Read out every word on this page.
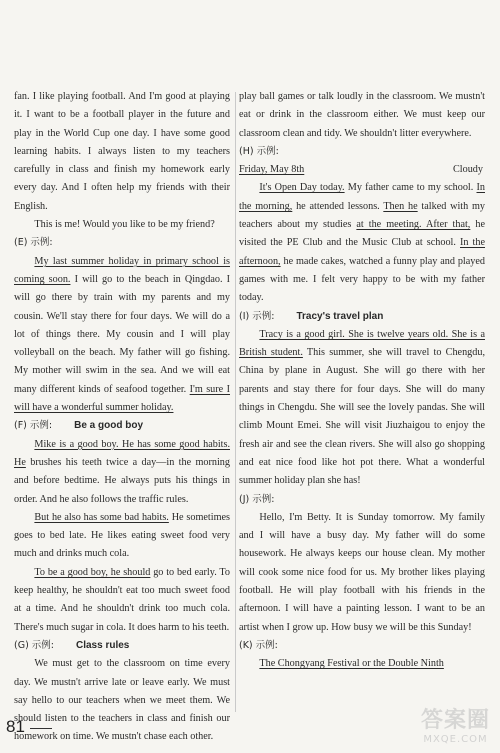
fan. I like playing football. And I'm good at playing it. I want to be a football player in the future and play in the World Cup one day. I have some good learning habits. I always listen to my teachers carefully in class and finish my homework early every day. And I often help my friends with their English.

This is me! Would you like to be my friend?

(E) 示例:

My last summer holiday in primary school is coming soon. I will go to the beach in Qingdao. I will go there by train with my parents and my cousin. We'll stay there for four days. We will do a lot of things there. My cousin and I will play volleyball on the beach. My father will go fishing. My mother will swim in the sea. And we will eat many different kinds of seafood together. I'm sure I will have a wonderful summer holiday.

(F) 示例: Be a good boy

Mike is a good boy. He has some good habits. He brushes his teeth twice a day—in the morning and before bedtime. He always puts his things in order. And he also follows the traffic rules.

But he also has some bad habits. He sometimes goes to bed late. He likes eating sweet food very much and drinks much cola.

To be a good boy, he should go to bed early. To keep healthy, he shouldn't eat too much sweet food at a time. And he shouldn't drink too much cola. There's much sugar in cola. It does harm to his teeth.

(G) 示例: Class rules

We must get to the classroom on time every day. We mustn't arrive late or leave early. We must say hello to our teachers when we meet them. We should listen to the teachers in class and finish our homework on time. We mustn't chase each other.

play ball games or talk loudly in the classroom. We mustn't eat or drink in the classroom either. We must keep our classroom clean and tidy. We shouldn't litter everywhere.

(H) 示例:
Friday, May 8th	Cloudy

It's Open Day today. My father came to my school. In the morning, he attended lessons. Then he talked with my teachers about my studies at the meeting. After that, he visited the PE Club and the Music Club at school. In the afternoon, he made cakes, watched a funny play and played games with me. I felt very happy to be with my father today.

(I) 示例: Tracy's travel plan

Tracy is a good girl. She is twelve years old. She is a British student. This summer, she will travel to Chengdu, China by plane in August. She will go there with her parents and stay there for four days. She will do many things in Chengdu. She will see the lovely pandas. She will climb Mount Emei. She will visit Jiuzhaigou to enjoy the fresh air and see the clean rivers. She will also go shopping and eat nice food like hot pot there. What a wonderful summer holiday plan she has!

(J) 示例:

Hello, I'm Betty. It is Sunday tomorrow. My family and I will have a busy day. My father will do some housework. He always keeps our house clean. My mother will cook some nice food for us. My brother likes playing football. He will play football with his friends in the afternoon. I will have a painting lesson. I want to be an artist when I grow up. How busy we will be this Sunday!

(K) 示例:

The Chongyang Festival or the Double Ninth

81	答案圈
MXQE.COM
